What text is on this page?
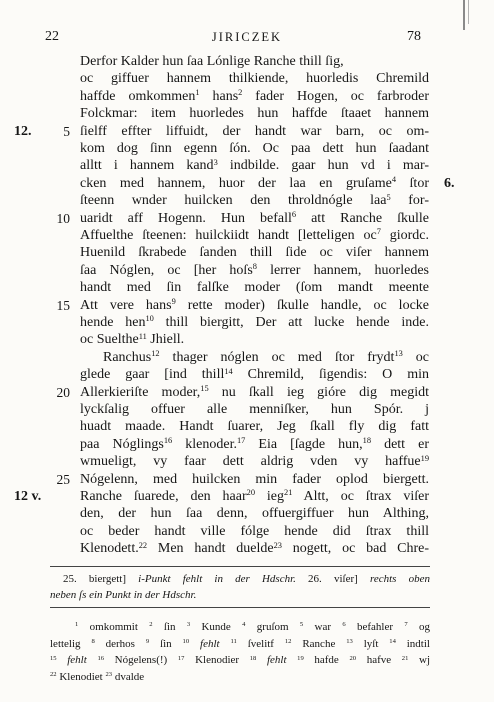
22	JIRICZEK	78
Derfor Kalder hun ſaa Lónlige Ranche thill ſig,
oc giffuer hannem thilkiende, huorledis Chremild
haffde omkommen$^1$ hans$^2$ fader Hogen, oc farbroder
Folckmar: item huorledes hun haffde ſtaaet hannem
12.	5 ſielff effter liffuidt, der handt war barn, oc om-
kom dog ſinn egenn ſón. Oc paa dett hun ſaadant
alltt i hannem kand$^3$ indbilde. gaar hun vd i mar-
6.
cken med hannem, huor der laa en gruſame$^4$ ſtor
ſteenn wnder huilcken den throldnógle laa$^5$ for-
10 uaridt aff Hogenn. Hun befall$^6$ att Ranche ſkulle
Affuelthe ſteenen: huilckiidt handt [letteligen oc$^7$ giordc.
Huenild ſkrabede ſanden thill ſide oc viſer hannem
ſaa Nóglen, oc [her hoſs$^8$ lerrer hannem, huorledes
handt med ſin falſke moder (ſom mandt meente
15 Att vere hans$^9$ rette moder) ſkulle handle, oc locke
hende hen$^{10}$ thill biergitt, Der att lucke hende inde.
oc Suelthe$^{11}$ Jhiell.
Ranchus$^{12}$ thager nóglen oc med ſtor frydt$^{13}$ oc
glede gaar [ind thill$^{14}$ Chremild, ſigendis: O min
20 Allerkieriſte moder,$^{15}$ nu ſkall ieg gióre dig megidt
lyckſalig offuer alle menniſker, hun Spór. j
huadt maade. Handt ſuarer, Jeg ſkall fly dig fatt
paa Nóglings$^{16}$ klenoder.$^{17}$ Eia [ſagde hun,$^{18}$ dett er
wmueligt, vy faar dett aldrig vden vy haffue$^{19}$
25 Nógelenn, med huilcken min fader oplod biergett.
12 v.	Ranche ſuarede, den haar$^{20}$ ieg$^{21}$ Altt, oc ſtrax viſer
den, der hun ſaa denn, offuergiffuer hun Althing,
oc beder handt ville fólge hende did ſtrax thill
Klenodett.$^{22}$ Men handt duelde$^{23}$ nogett, oc bad Chre-
25. biergett] i-Punkt fehlt in der Hdschr. 26. viſer] rechts oben
neben ſs ein Punkt in der Hdschr.
$^1$ omkommit $^2$ ſin $^3$ Kunde $^4$ gruſom $^5$ war $^6$ befahler $^7$ og
lettelig $^8$ derhos $^9$ ſin $^{10}$ fehlt $^{11}$ ſvelitf $^{12}$ Ranche $^{13}$ lyſt $^{14}$ indtil
$^{15}$ fehlt $^{16}$ Nógelens(!) $^{17}$ Klenodier $^{18}$ fehlt $^{19}$ hafde $^{20}$ hafve $^{21}$ wj
$^{22}$ Klenodiet $^{23}$ dvalde
